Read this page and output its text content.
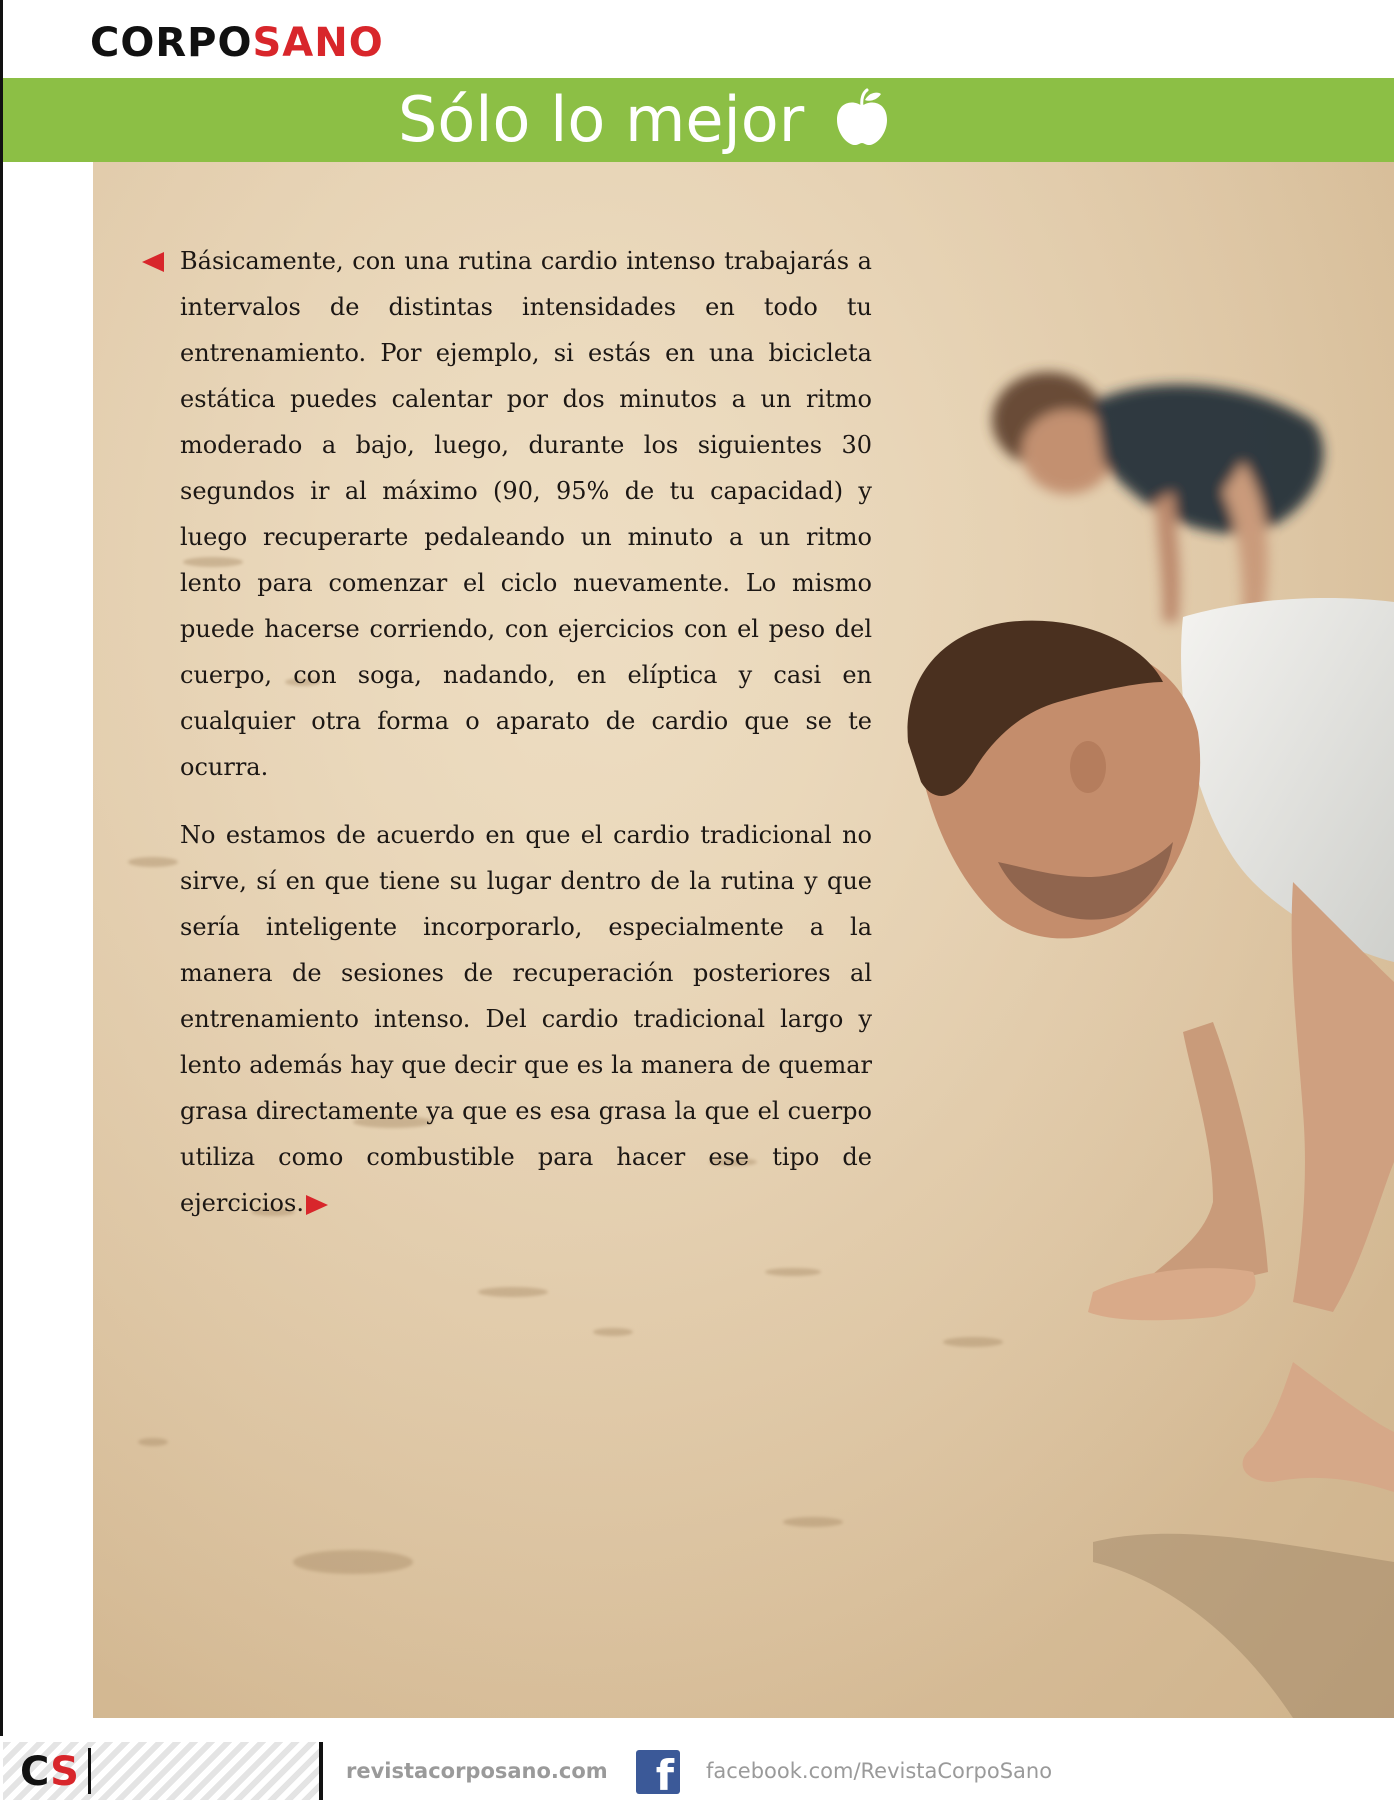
CORPOSANO
Sólo lo mejor

Básicamente, con una rutina cardio intenso trabajarás a intervalos de distintas intensidades en todo tu entrenamiento. Por ejemplo, si estás en una bicicleta estática puedes calentar por dos minutos a un ritmo moderado a bajo, luego, durante los siguientes 30 segundos ir al máximo (90, 95% de tu capacidad) y luego recuperarte pedaleando un minuto a un ritmo lento para comenzar el ciclo nuevamente. Lo mismo puede hacerse corriendo, con ejercicios con el peso del cuerpo, con soga, nadando, en elíptica y casi en cualquier otra forma o aparato de cardio que se te ocurra.

No estamos de acuerdo en que el cardio tradicional no sirve, sí en que tiene su lugar dentro de la rutina y que sería inteligente incorporarlo, especialmente a la manera de sesiones de recuperación posteriores al entrenamiento intenso. Del cardio tradicional largo y lento además hay que decir que es la manera de quemar grasa directamente ya que es esa grasa la que el cuerpo utiliza como combustible para hacer ese tipo de ejercicios.

CS	revistacorposano.com	f facebook.com/RevistaCorpoSano
